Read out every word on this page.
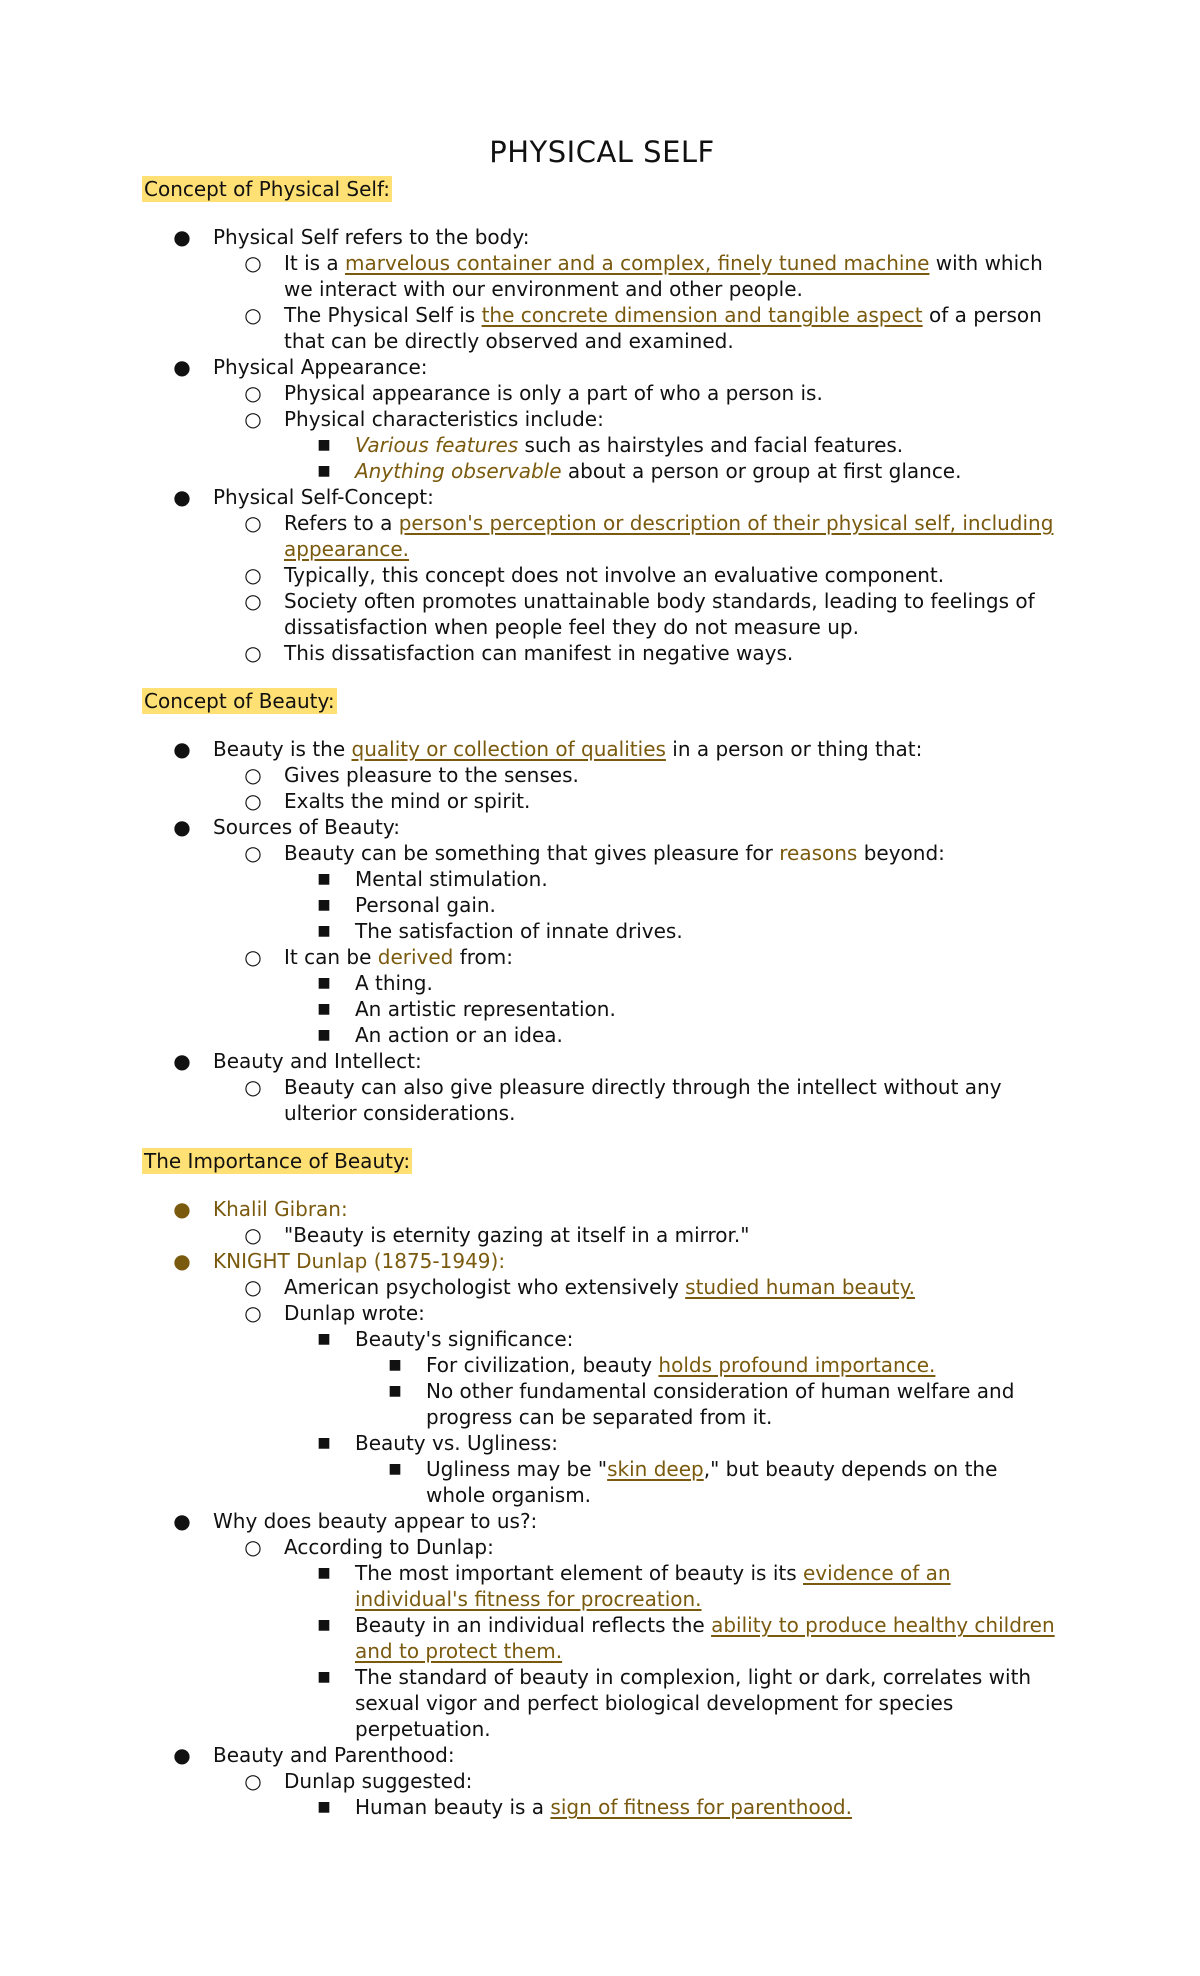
PHYSICAL SELF
Concept of Physical Self:
● Physical Self refers to the body:
○ It is a marvelous container and a complex, finely tuned machine with which we interact with our environment and other people.
○ The Physical Self is the concrete dimension and tangible aspect of a person that can be directly observed and examined.
● Physical Appearance:
○ Physical appearance is only a part of who a person is.
○ Physical characteristics include:
■ Various features such as hairstyles and facial features.
■ Anything observable about a person or group at first glance.
● Physical Self-Concept:
○ Refers to a person's perception or description of their physical self, including appearance.
○ Typically, this concept does not involve an evaluative component.
○ Society often promotes unattainable body standards, leading to feelings of dissatisfaction when people feel they do not measure up.
○ This dissatisfaction can manifest in negative ways.
Concept of Beauty:
● Beauty is the quality or collection of qualities in a person or thing that:
○ Gives pleasure to the senses.
○ Exalts the mind or spirit.
● Sources of Beauty:
○ Beauty can be something that gives pleasure for reasons beyond:
■ Mental stimulation.
■ Personal gain.
■ The satisfaction of innate drives.
○ It can be derived from:
■ A thing.
■ An artistic representation.
■ An action or an idea.
● Beauty and Intellect:
○ Beauty can also give pleasure directly through the intellect without any ulterior considerations.
The Importance of Beauty:
● Khalil Gibran:
○ "Beauty is eternity gazing at itself in a mirror."
● KNIGHT Dunlap (1875-1949):
○ American psychologist who extensively studied human beauty.
○ Dunlap wrote:
■ Beauty's significance:
■ For civilization, beauty holds profound importance.
■ No other fundamental consideration of human welfare and progress can be separated from it.
■ Beauty vs. Ugliness:
■ Ugliness may be "skin deep," but beauty depends on the whole organism.
● Why does beauty appear to us?:
○ According to Dunlap:
■ The most important element of beauty is its evidence of an individual's fitness for procreation.
■ Beauty in an individual reflects the ability to produce healthy children and to protect them.
■ The standard of beauty in complexion, light or dark, correlates with sexual vigor and perfect biological development for species perpetuation.
● Beauty and Parenthood:
○ Dunlap suggested:
■ Human beauty is a sign of fitness for parenthood.
